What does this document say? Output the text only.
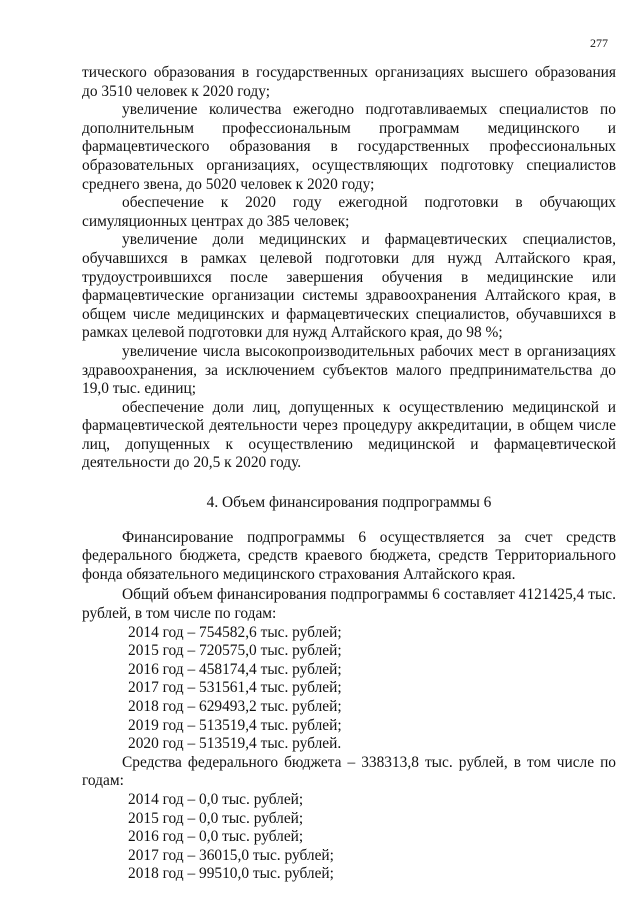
277

тического образования в государственных организациях высшего образования до 3510 человек к 2020 году;

увеличение количества ежегодно подготавливаемых специалистов по дополнительным профессиональным программам медицинского и фармацевтического образования в государственных профессиональных образовательных организациях, осуществляющих подготовку специалистов среднего звена, до 5020 человек к 2020 году;

обеспечение к 2020 году ежегодной подготовки в обучающих симуляционных центрах до 385 человек;

увеличение доли медицинских и фармацевтических специалистов, обучавшихся в рамках целевой подготовки для нужд Алтайского края, трудоустроившихся после завершения обучения в медицинские или фармацевтические организации системы здравоохранения Алтайского края, в общем числе медицинских и фармацевтических специалистов, обучавшихся в рамках целевой подготовки для нужд Алтайского края, до 98 %;

увеличение числа высокопроизводительных рабочих мест в организациях здравоохранения, за исключением субъектов малого предпринимательства до 19,0 тыс. единиц;

обеспечение доли лиц, допущенных к осуществлению медицинской и фармацевтической деятельности через процедуру аккредитации, в общем числе лиц, допущенных к осуществлению медицинской и фармацевтической деятельности до 20,5 к 2020 году.

4. Объем финансирования подпрограммы 6

Финансирование подпрограммы 6 осуществляется за счет средств федерального бюджета, средств краевого бюджета, средств Территориального фонда обязательного медицинского страхования Алтайского края.

Общий объем финансирования подпрограммы 6 составляет 4121425,4 тыс. рублей, в том числе по годам:

2014 год – 754582,6 тыс. рублей;
2015 год – 720575,0 тыс. рублей;
2016 год – 458174,4 тыс. рублей;
2017 год – 531561,4 тыс. рублей;
2018 год – 629493,2 тыс. рублей;
2019 год – 513519,4 тыс. рублей;
2020 год – 513519,4 тыс. рублей.

Средства федерального бюджета – 338313,8 тыс. рублей, в том числе по годам:

2014 год – 0,0 тыс. рублей;
2015 год – 0,0 тыс. рублей;
2016 год – 0,0 тыс. рублей;
2017 год – 36015,0 тыс. рублей;
2018 год – 99510,0 тыс. рублей;
